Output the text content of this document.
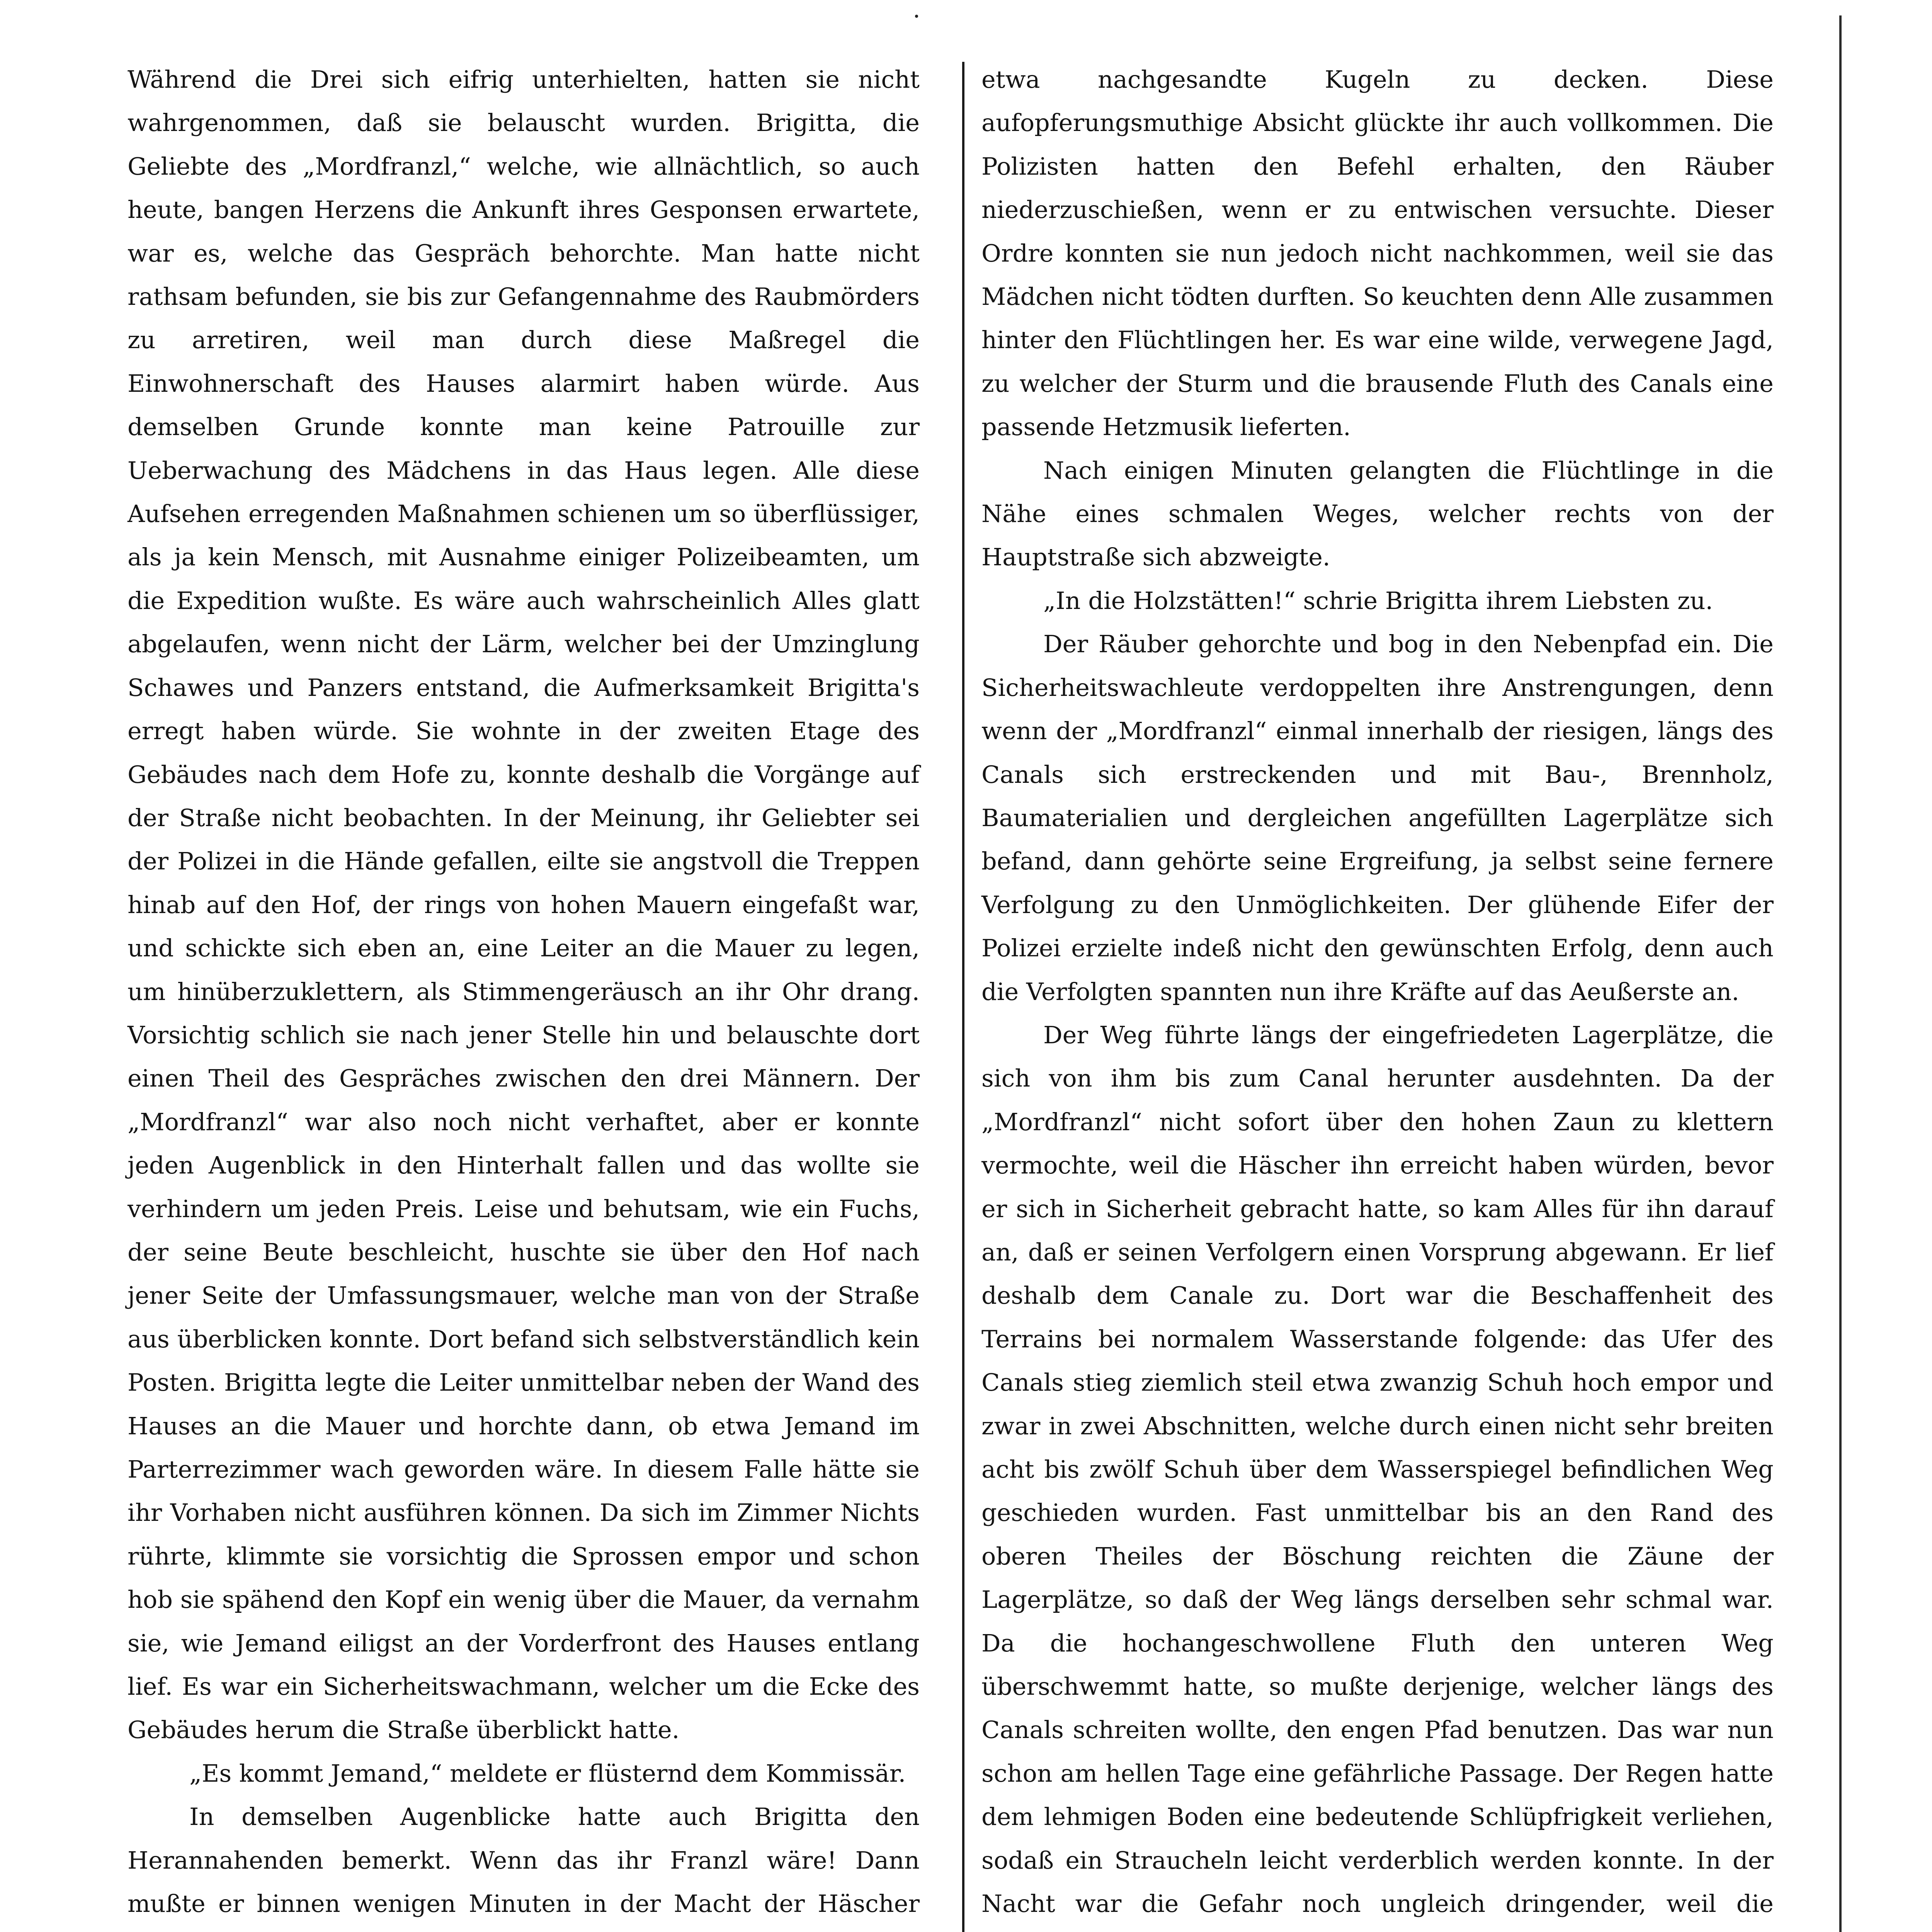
Während die Drei sich eifrig unterhielten, hatten sie nicht wahrgenommen, daß sie belauscht wurden. Brigitta, die Geliebte des „Mordfranzl,“ welche, wie allnächtlich, so auch heute, bangen Herzens die Ankunft ihres Gesponsen erwartete, war es, welche das Gespräch behorchte. Man hatte nicht rathsam befunden, sie bis zur Gefangennahme des Raubmörders zu arretiren, weil man durch diese Maßregel die Einwohnerschaft des Hauses alarmirt haben würde. Aus demselben Grunde konnte man keine Patrouille zur Ueberwachung des Mädchens in das Haus legen. Alle diese Aufsehen erregenden Maßnahmen schienen um so überflüssiger, als ja kein Mensch, mit Ausnahme einiger Polizeibeamten, um die Expedition wußte. Es wäre auch wahrscheinlich Alles glatt abgelaufen, wenn nicht der Lärm, welcher bei der Umzinglung Schawes und Panzers entstand, die Aufmerksamkeit Brigitta's erregt haben würde. Sie wohnte in der zweiten Etage des Gebäudes nach dem Hofe zu, konnte deshalb die Vorgänge auf der Straße nicht beobachten. In der Meinung, ihr Geliebter sei der Polizei in die Hände gefallen, eilte sie angstvoll die Treppen hinab auf den Hof, der rings von hohen Mauern eingefaßt war, und schickte sich eben an, eine Leiter an die Mauer zu legen, um hinüberzuklettern, als Stimmengeräusch an ihr Ohr drang. Vorsichtig schlich sie nach jener Stelle hin und belauschte dort einen Theil des Gespräches zwischen den drei Männern. Der „Mordfranzl“ war also noch nicht verhaftet, aber er konnte jeden Augenblick in den Hinterhalt fallen und das wollte sie verhindern um jeden Preis. Leise und behutsam, wie ein Fuchs, der seine Beute beschleicht, huschte sie über den Hof nach jener Seite der Umfassungsmauer, welche man von der Straße aus überblicken konnte. Dort befand sich selbstverständlich kein Posten. Brigitta legte die Leiter unmittelbar neben der Wand des Hauses an die Mauer und horchte dann, ob etwa Jemand im Parterrezimmer wach geworden wäre. In diesem Falle hätte sie ihr Vorhaben nicht ausführen können. Da sich im Zimmer Nichts rührte, klimmte sie vorsichtig die Sprossen empor und schon hob sie spähend den Kopf ein wenig über die Mauer, da vernahm sie, wie Jemand eiligst an der Vorderfront des Hauses entlang lief. Es war ein Sicherheitswachmann, welcher um die Ecke des Gebäudes herum die Straße überblickt hatte.

„Es kommt Jemand,“ meldete er flüsternd dem Kommissär.

In demselben Augenblicke hatte auch Brigitta den Herannahenden bemerkt. Wenn das ihr Franzl wäre! Dann mußte er binnen wenigen Minuten in der Macht der Häscher

etwa nachgesandte Kugeln zu decken. Diese aufopferungsmuthige Absicht glückte ihr auch vollkommen. Die Polizisten hatten den Befehl erhalten, den Räuber niederzuschießen, wenn er zu entwischen versuchte. Dieser Ordre konnten sie nun jedoch nicht nachkommen, weil sie das Mädchen nicht tödten durften. So keuchten denn Alle zusammen hinter den Flüchtlingen her. Es war eine wilde, verwegene Jagd, zu welcher der Sturm und die brausende Fluth des Canals eine passende Hetzmusik lieferten.

Nach einigen Minuten gelangten die Flüchtlinge in die Nähe eines schmalen Weges, welcher rechts von der Hauptstraße sich abzweigte.

„In die Holzstätten!“ schrie Brigitta ihrem Liebsten zu.

Der Räuber gehorchte und bog in den Nebenpfad ein. Die Sicherheitswachleute verdoppelten ihre Anstrengungen, denn wenn der „Mordfranzl“ einmal innerhalb der riesigen, längs des Canals sich erstreckenden und mit Bau-, Brennholz, Baumaterialien und dergleichen angefüllten Lagerplätze sich befand, dann gehörte seine Ergreifung, ja selbst seine fernere Verfolgung zu den Unmöglichkeiten. Der glühende Eifer der Polizei erzielte indeß nicht den gewünschten Erfolg, denn auch die Verfolgten spannten nun ihre Kräfte auf das Aeußerste an.

Der Weg führte längs der eingefriedeten Lagerplätze, die sich von ihm bis zum Canal herunter ausdehnten. Da der „Mordfranzl“ nicht sofort über den hohen Zaun zu klettern vermochte, weil die Häscher ihn erreicht haben würden, bevor er sich in Sicherheit gebracht hatte, so kam Alles für ihn darauf an, daß er seinen Verfolgern einen Vorsprung abgewann. Er lief deshalb dem Canale zu. Dort war die Beschaffenheit des Terrains bei normalem Wasserstande folgende: das Ufer des Canals stieg ziemlich steil etwa zwanzig Schuh hoch empor und zwar in zwei Abschnitten, welche durch einen nicht sehr breiten acht bis zwölf Schuh über dem Wasserspiegel befindlichen Weg geschieden wurden. Fast unmittelbar bis an den Rand des oberen Theiles der Böschung reichten die Zäune der Lagerplätze, so daß der Weg längs derselben sehr schmal war. Da die hochangeschwollene Fluth den unteren Weg überschwemmt hatte, so mußte derjenige, welcher längs des Canals schreiten wollte, den engen Pfad benutzen. Das war nun schon am hellen Tage eine gefährliche Passage. Der Regen hatte dem lehmigen Boden eine bedeutende Schlüpfrigkeit verliehen, sodaß ein Straucheln leicht verderblich werden konnte. In der Nacht war die Gefahr noch ungleich dringender, weil die
